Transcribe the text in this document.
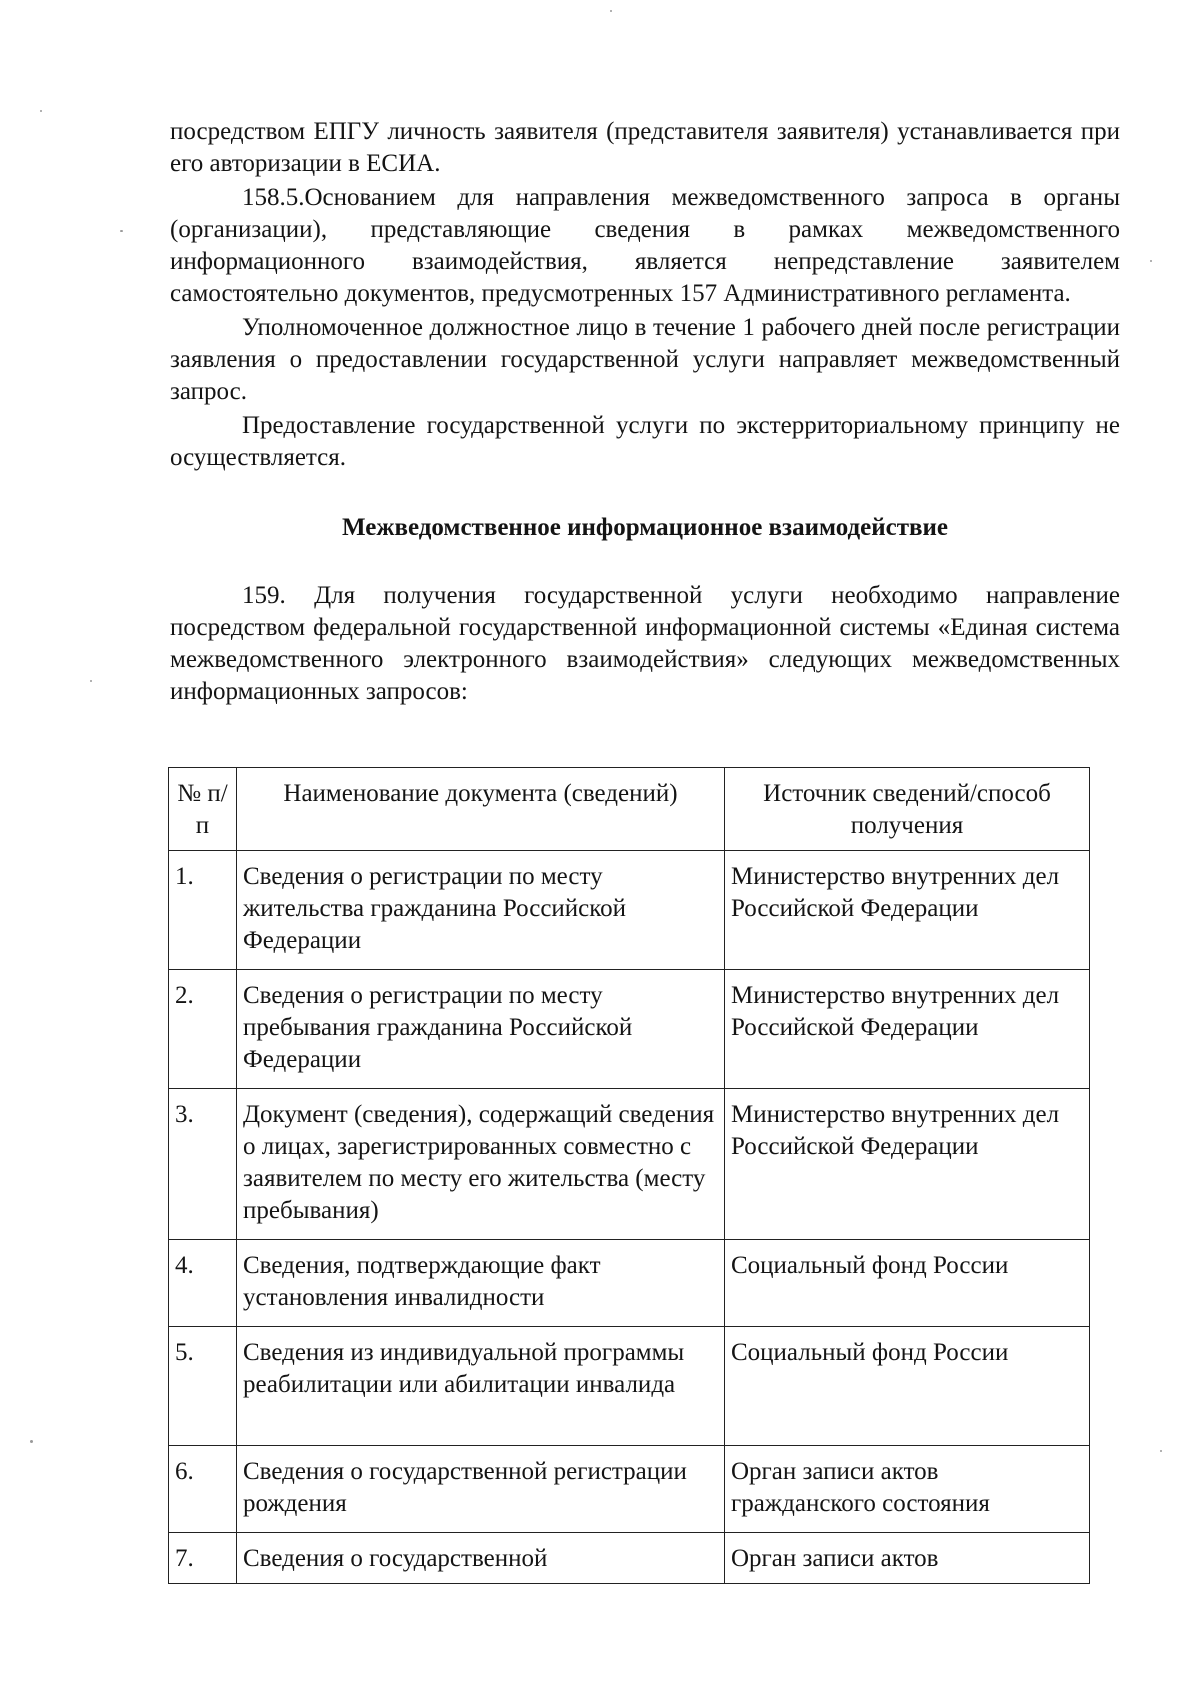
посредством ЕПГУ личность заявителя (представителя заявителя) устанавливается при его авторизации в ЕСИА.

158.5.Основанием для направления межведомственного запроса в органы (организации), представляющие сведения в рамках межведомственного информационного взаимодействия, является непредставление заявителем самостоятельно документов, предусмотренных 157 Административного регламента.

Уполномоченное должностное лицо в течение 1 рабочего дней после регистрации заявления о предоставлении государственной услуги направляет межведомственный запрос.

Предоставление государственной услуги по экстерриториальному принципу не осуществляется.

Межведомственное информационное взаимодействие

159. Для получения государственной услуги необходимо направление посредством федеральной государственной информационной системы «Единая система межведомственного электронного взаимодействия» следующих межведомственных информационных запросов:

№ п/п	Наименование документа (сведений)	Источник сведений/способ получения
1.	Сведения о регистрации по месту жительства гражданина Российской Федерации	Министерство внутренних дел Российской Федерации
2.	Сведения о регистрации по месту пребывания гражданина Российской Федерации	Министерство внутренних дел Российской Федерации
3.	Документ (сведения), содержащий сведения о лицах, зарегистрированных совместно с заявителем по месту его жительства (месту пребывания)	Министерство внутренних дел Российской Федерации
4.	Сведения, подтверждающие факт установления инвалидности	Социальный фонд России
5.	Сведения из индивидуальной программы реабилитации или абилитации инвалида	Социальный фонд России
6.	Сведения о государственной регистрации рождения	Орган записи актов гражданского состояния
7.	Сведения о государственной	Орган записи актов
